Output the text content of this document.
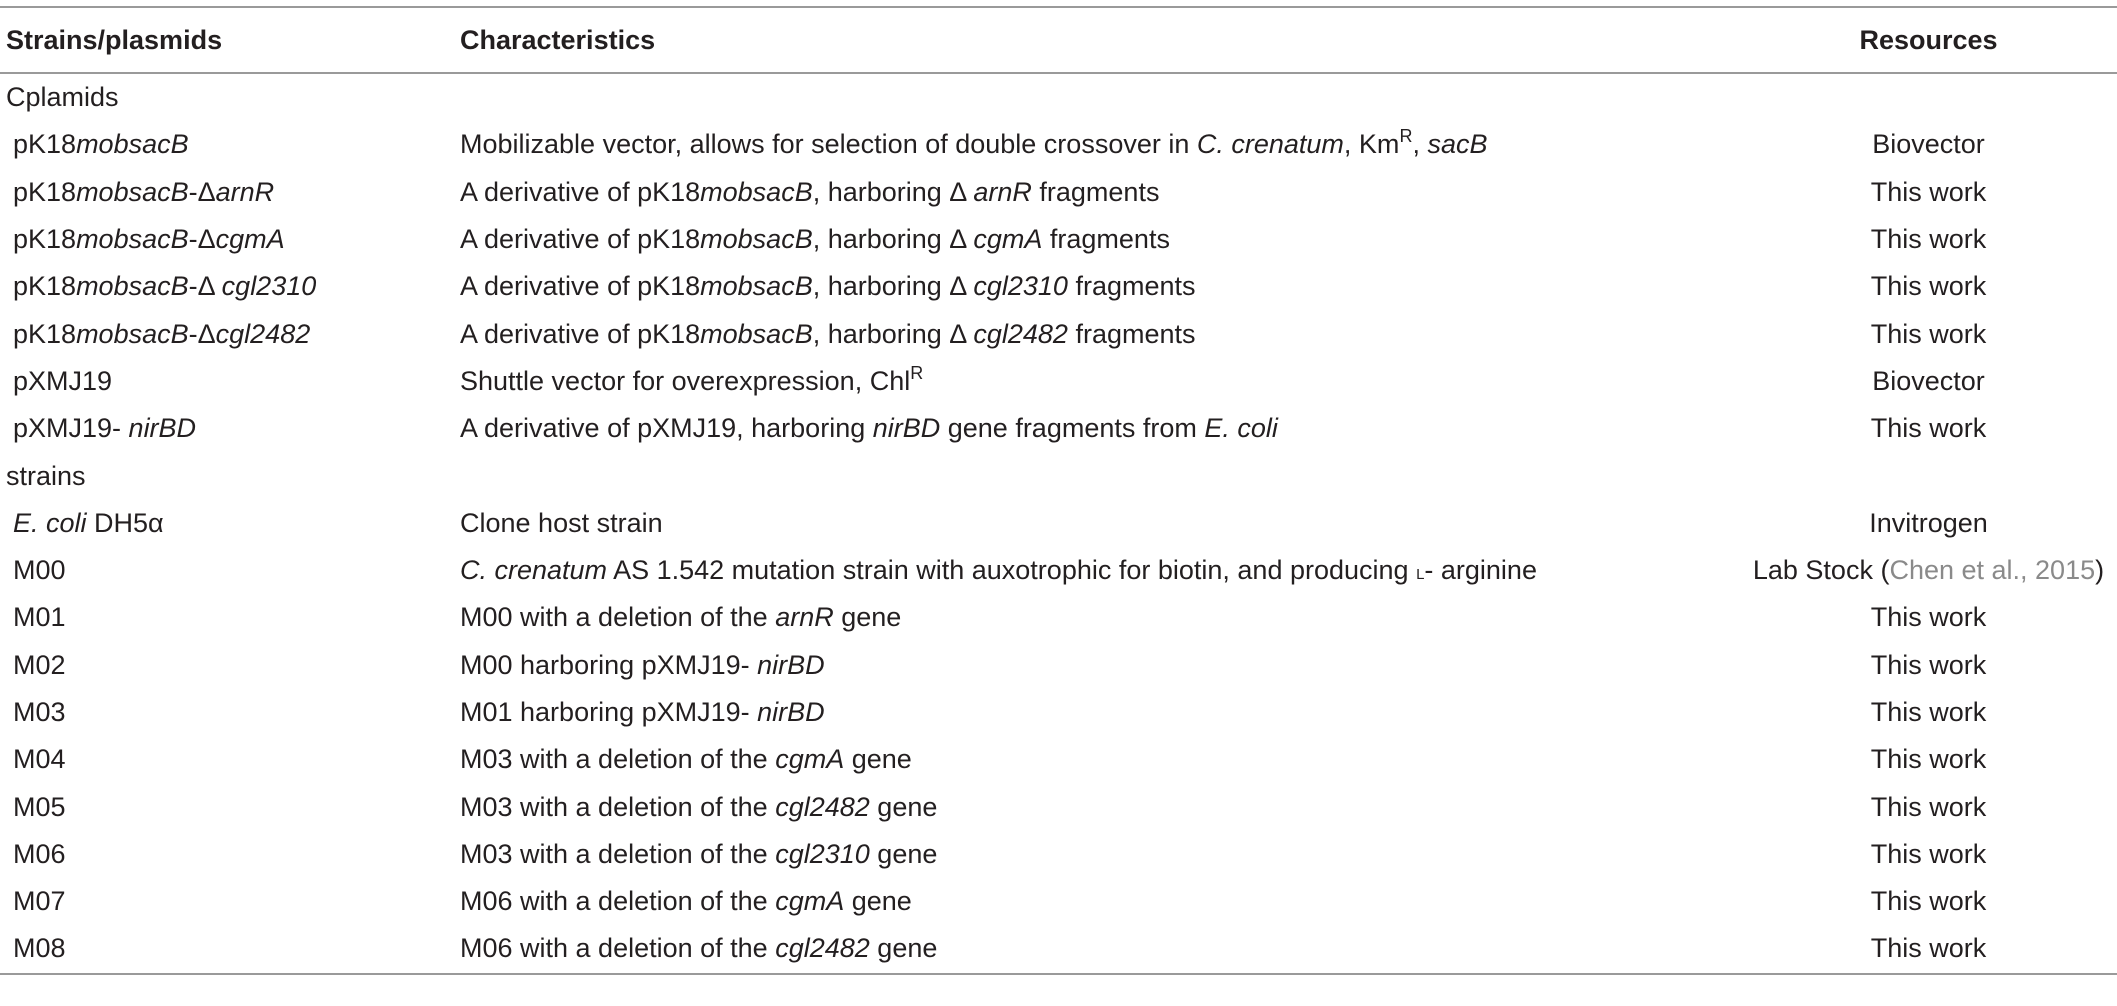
Strains/plasmids	Characteristics	Resources
Cplamids		
pK18mobsacB	Mobilizable vector, allows for selection of double crossover in C. crenatum, $Km^R$, sacB	Biovector
pK18mobsacB-ΔarnR	A derivative of pK18mobsacB, harboring Δ arnR fragments	This work
pK18mobsacB-ΔcgmA	A derivative of pK18mobsacB, harboring Δ cgmA fragments	This work
pK18mobsacB-Δ cgl2310	A derivative of pK18mobsacB, harboring Δ cgl2310 fragments	This work
pK18mobsacB-Δcgl2482	A derivative of pK18mobsacB, harboring Δ cgl2482 fragments	This work
pXMJ19	Shuttle vector for overexpression, Chl$^R$	Biovector
pXMJ19- nirBD	A derivative of pXMJ19, harboring nirBD gene fragments from E. coli	This work
strains		
E. coli DH5α	Clone host strain	Invitrogen
M00	C. crenatum AS 1.542 mutation strain with auxotrophic for biotin, and producing l- arginine	Lab Stock (Chen et al., 2015)
M01	M00 with a deletion of the arnR gene	This work
M02	M00 harboring pXMJ19- nirBD	This work
M03	M01 harboring pXMJ19- nirBD	This work
M04	M03 with a deletion of the cgmA gene	This work
M05	M03 with a deletion of the cgl2482 gene	This work
M06	M03 with a deletion of the cgl2310 gene	This work
M07	M06 with a deletion of the cgmA gene	This work
M08	M06 with a deletion of the cgl2482 gene	This work
